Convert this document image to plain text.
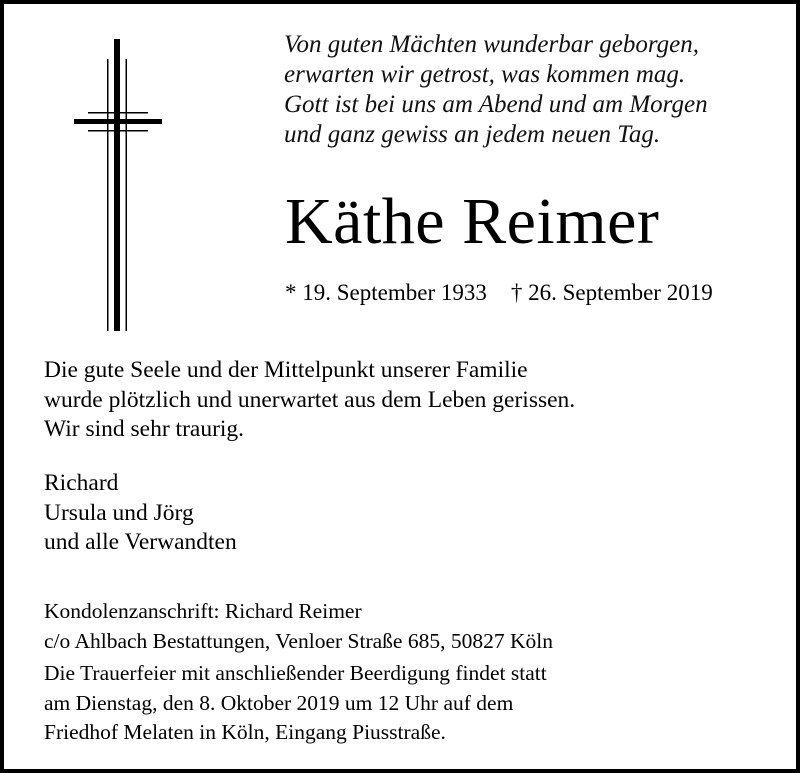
Von guten Mächten wunderbar geborgen,
erwarten wir getrost, was kommen mag.
Gott ist bei uns am Abend und am Morgen
und ganz gewiss an jedem neuen Tag.
Käthe Reimer
* 19. September 1933 † 26. September 2019
Die gute Seele und der Mittelpunkt unserer Familie
wurde plötzlich und unerwartet aus dem Leben gerissen.
Wir sind sehr traurig.
Richard
Ursula und Jörg
und alle Verwandten
Kondolenzanschrift: Richard Reimer
c/o Ahlbach Bestattungen, Venloer Straße 685, 50827 Köln
Die Trauerfeier mit anschließender Beerdigung findet statt
am Dienstag, den 8. Oktober 2019 um 12 Uhr auf dem
Friedhof Melaten in Köln, Eingang Piusstraße.
